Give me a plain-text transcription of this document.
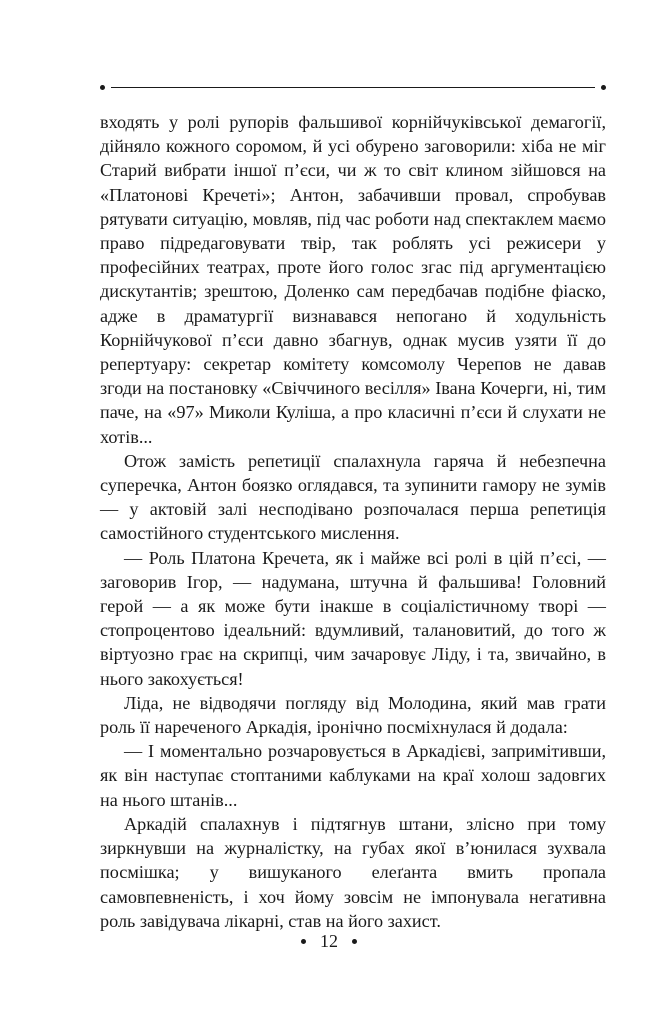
входять у ролі рупорів фальшивої корнійчуківської демагогії, дійняло кожного соромом, й усі обурено заговорили: хіба не міг Старий вибрати іншої п’єси, чи ж то світ клином зійшовся на «Платонові Кречеті»; Антон, забачивши провал, спробував рятувати ситуацію, мовляв, під час роботи над спектаклем маємо право підредаговувати твір, так роблять усі режисери у професійних театрах, проте його голос згас під аргументацією дискутантів; зрештою, Доленко сам передбачав подібне фіаско, адже в драматургії визнавався непогано й ходульність Корнійчукової п’єси давно збагнув, однак мусив узяти її до репертуару: секретар комітету комсомолу Черепов не давав згоди на постановку «Свіччиного весілля» Івана Кочерги, ні, тим паче, на «97» Миколи Куліша, а про класичні п’єси й слухати не хотів...

Отож замість репетиції спалахнула гаряча й небезпечна суперечка, Антон боязко оглядався, та зупинити гамору не зумів — у актовій залі несподівано розпочалася перша репетиція самостійного студентського мислення.

— Роль Платона Кречета, як і майже всі ролі в цій п’єсі, — заговорив Ігор, — надумана, штучна й фальшива! Головний герой — а як може бути інакше в соціалістичному творі — стопроцентово ідеальний: вдумливий, талановитий, до того ж віртуозно грає на скрипці, чим зачаровує Ліду, і та, звичайно, в нього закохується!

Ліда, не відводячи погляду від Молодина, який мав грати роль її нареченого Аркадія, іронічно посміхнулася й додала:

— І моментально розчаровується в Аркадієві, запримітивши, як він наступає стоптаними каблуками на краї холош задовгих на нього штанів...

Аркадій спалахнув і підтягнув штани, злісно при тому зиркнувши на журналістку, на губах якої в’юнилася зухвала посмішка; у вишуканого елеґанта вмить пропала самовпевненість, і хоч йому зовсім не імпонувала негативна роль завідувача лікарні, став на його захист.

12
